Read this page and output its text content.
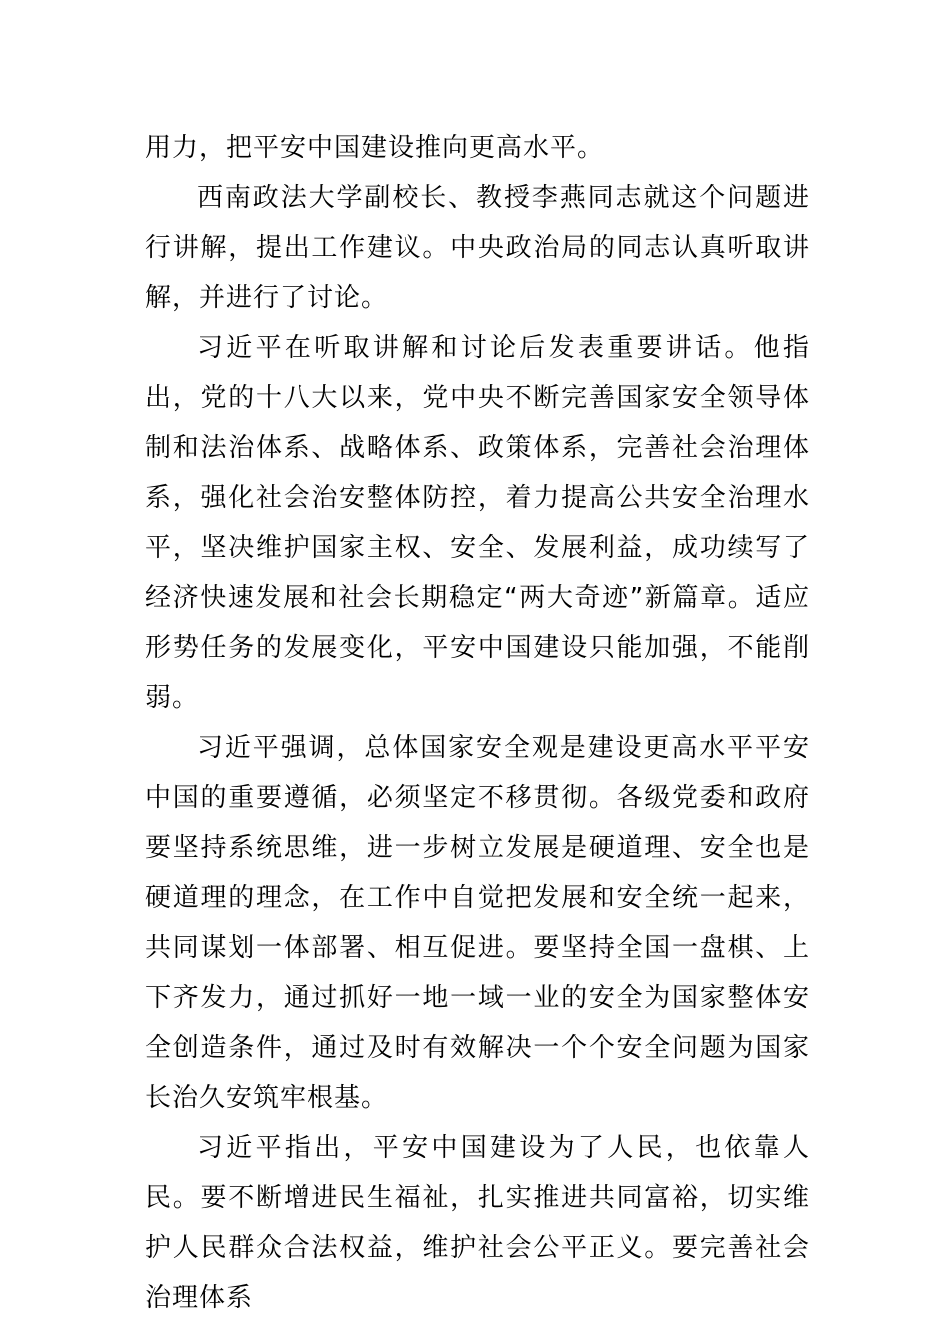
用力，把平安中国建设推向更高水平。

西南政法大学副校长、教授李燕同志就这个问题进行讲解，提出工作建议。中央政治局的同志认真听取讲解，并进行了讨论。

习近平在听取讲解和讨论后发表重要讲话。他指出，党的十八大以来，党中央不断完善国家安全领导体制和法治体系、战略体系、政策体系，完善社会治理体系，强化社会治安整体防控，着力提高公共安全治理水平，坚决维护国家主权、安全、发展利益，成功续写了经济快速发展和社会长期稳定“两大奇迹”新篇章。适应形势任务的发展变化，平安中国建设只能加强，不能削弱。

习近平强调，总体国家安全观是建设更高水平平安中国的重要遵循，必须坚定不移贯彻。各级党委和政府要坚持系统思维，进一步树立发展是硬道理、安全也是硬道理的理念，在工作中自觉把发展和安全统一起来，共同谋划一体部署、相互促进。要坚持全国一盘棋、上下齐发力，通过抓好一地一域一业的安全为国家整体安全创造条件，通过及时有效解决一个个安全问题为国家长治久安筑牢根基。

习近平指出，平安中国建设为了人民，也依靠人民。要不断增进民生福祉，扎实推进共同富裕，切实维护人民群众合法权益，维护社会公平正义。要完善社会治理体系
